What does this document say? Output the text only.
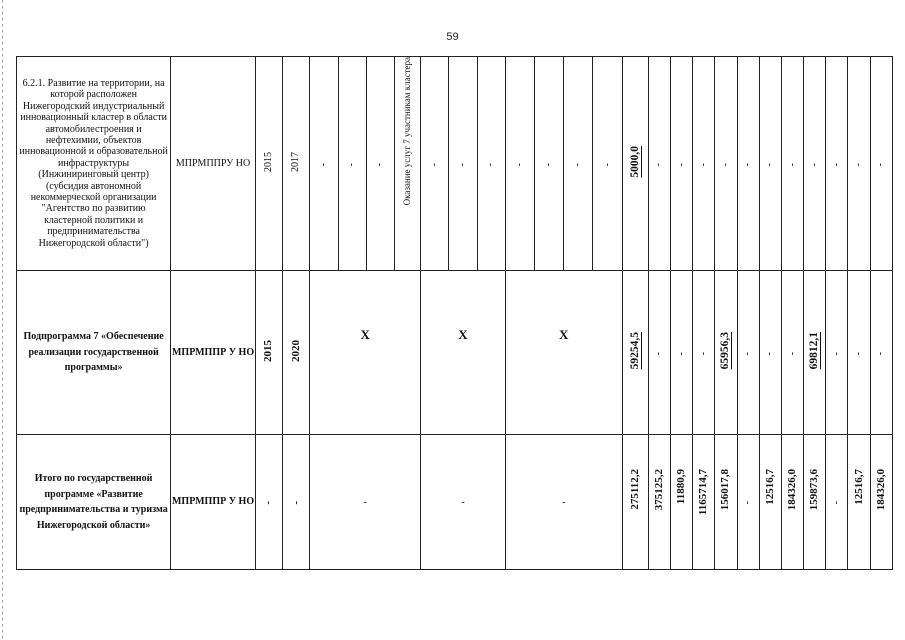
59
6.2.1. Развитие на территории, на которой расположен Нижегородский индустриальный инновационный кластер в области автомобилестроения и нефтехимии, объектов инновационной и образовательной инфраструктуры (Инжиниринговый центр) (субсидия автономной некоммерческой организации "Агентство по развитию кластерной политики и предпринимательства Нижегородской области")	МПРМППРУ НО	2015	2017	-	-	-	Оказание услуг 7 участникам кластера	-	-	-	-	-	-	-	5000,0	-	-	-	-	-	-	-	-	-	-	-
Подпрограмма 7 «Обеспечение реализации государственной программы»	МПРМППР У НО	2015	2020	Х				Х			Х				59254,5	-	-	-	65956,3	-	-	-	69812,1	-	-	-
Итого по государственной программе «Развитие предпринимательства и туризма Нижегородской области»	МПРМППР У НО	-	-	-				-			-				275112,2	375125,2	11880,9	1165714,7	156017,8	-	12516,7	184326,0	159873,6	-	12516,7	184326,0
